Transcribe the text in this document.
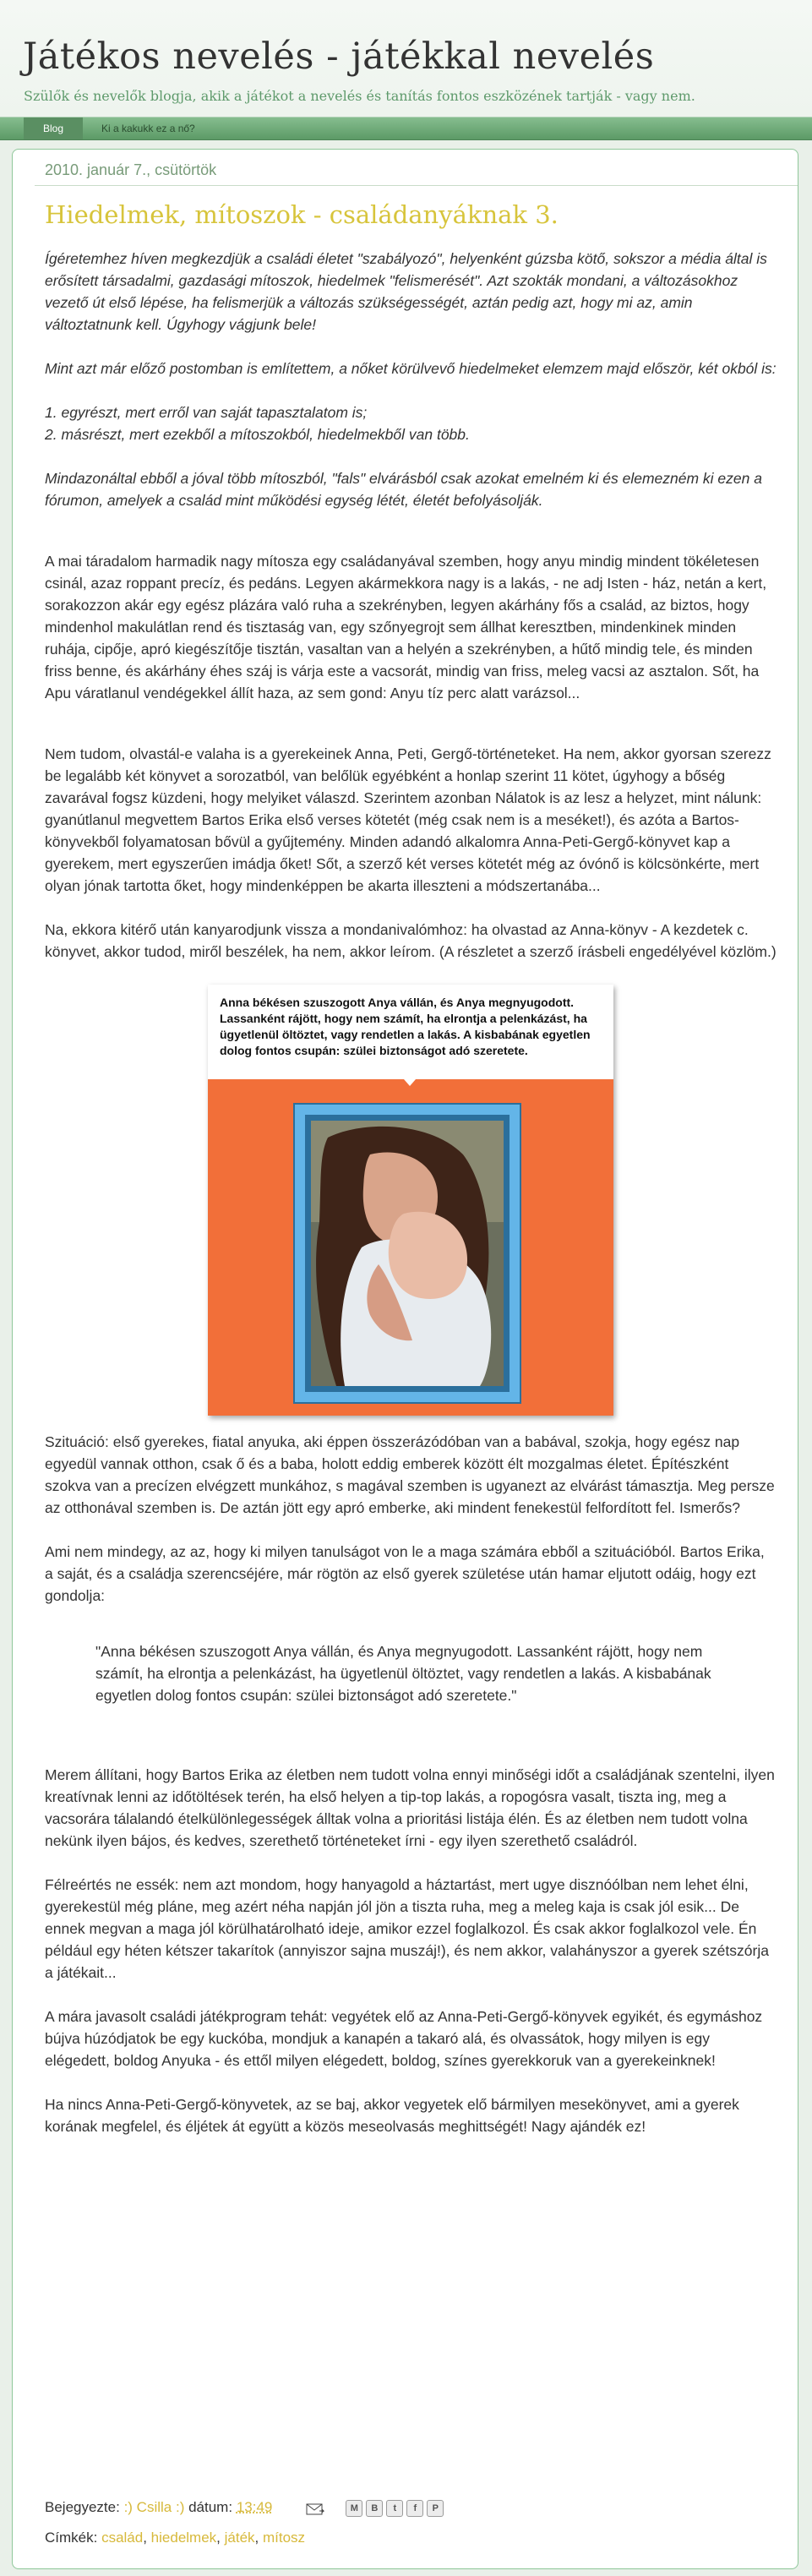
Játékos nevelés - játékkal nevelés

Szülők és nevelők blogja, akik a játékot a nevelés és tanítás fontos eszközének tartják - vagy nem.

Blog	Ki a kakukk ez a nő?
2010. január 7., csütörtök
Hiedelmek, mítoszok - családanyáknak 3.

Ígéretemhez híven megkezdjük a családi életet "szabályozó", helyenként gúzsba kötő, sokszor a média által is erősített társadalmi, gazdasági mítoszok, hiedelmek "felismerését". Azt szokták mondani, a változásokhoz vezető út első lépése, ha felismerjük a változás szükségességét, aztán pedig azt, hogy mi az, amin változtatnunk kell. Úgyhogy vágjunk bele!

Mint azt már előző postomban is említettem, a nőket körülvevő hiedelmeket elemzem majd először, két okból is:

1. egyrészt, mert erről van saját tapasztalatom is;

2. másrészt, mert ezekből a mítoszokból, hiedelmekből van több.

Mindazonáltal ebből a jóval több mítoszból, "fals" elvárásból csak azokat emelném ki és elemezném ki ezen a fórumon, amelyek a család mint működési egység létét, életét befolyásolják.

A mai táradalom harmadik nagy mítosza egy családanyával szemben, hogy anyu mindig mindent tökéletesen csinál, azaz roppant precíz, és pedáns. Legyen akármekkora nagy is a lakás, - ne adj Isten - ház, netán a kert, sorakozzon akár egy egész plázára való ruha a szekrényben, legyen akárhány fős a család, az biztos, hogy mindenhol makulátlan rend és tisztaság van, egy szőnyegrojt sem állhat keresztben, mindenkinek minden ruhája, cipője, apró kiegészítője tisztán, vasaltan van a helyén a szekrényben, a hűtő mindig tele, és minden friss benne, és akárhány éhes száj is várja este a vacsorát, mindig van friss, meleg vacsi az asztalon. Sőt, ha Apu váratlanul vendégekkel állít haza, az sem gond: Anyu tíz perc alatt varázsol...

Nem tudom, olvastál-e valaha is a gyerekeinek Anna, Peti, Gergő-történeteket. Ha nem, akkor gyorsan szerezz be legalább két könyvet a sorozatból, van belőlük egyébként a honlap szerint 11 kötet, úgyhogy a bőség zavarával fogsz küzdeni, hogy melyiket válaszd. Szerintem azonban Nálatok is az lesz a helyzet, mint nálunk: gyanútlanul megvettem Bartos Erika első verses kötetét (még csak nem is a meséket!), és azóta a Bartos-könyvekből folyamatosan bővül a gyűjtemény. Minden adandó alkalomra Anna-Peti-Gergő-könyvet kap a gyerekem, mert egyszerűen imádja őket! Sőt, a szerző két verses kötetét még az óvónő is kölcsönkérte, mert olyan jónak tartotta őket, hogy mindenképpen be akarta illeszteni a módszertanába...

Na, ekkora kitérő után kanyarodjunk vissza a mondanivalómhoz: ha olvastad az Anna-könyv - A kezdetek c. könyvet, akkor tudod, miről beszélek, ha nem, akkor leírom. (A részletet a szerző írásbeli engedélyével közlöm.)

Anna békésen szuszogott Anya vállán, és Anya megnyugodott. Lassanként rájött, hogy nem számít, ha elrontja a pelenkázást, ha ügyetlenül öltöztet, vagy rendetlen a lakás. A kisbabának egyetlen dolog fontos csupán: szülei biztonságot adó szeretete.

Szituáció: első gyerekes, fiatal anyuka, aki éppen összerázódóban van a babával, szokja, hogy egész nap egyedül vannak otthon, csak ő és a baba, holott eddig emberek között élt mozgalmas életet. Építészként szokva van a precízen elvégzett munkához, s magával szemben is ugyanezt az elvárást támasztja. Meg persze az otthonával szemben is. De aztán jött egy apró emberke, aki mindent fenekestül felfordított fel. Ismerős?

Ami nem mindegy, az az, hogy ki milyen tanulságot von le a maga számára ebből a szituációból. Bartos Erika, a saját, és a családja szerencséjére, már rögtön az első gyerek születése után hamar eljutott odáig, hogy ezt gondolja:

"Anna békésen szuszogott Anya vállán, és Anya megnyugodott. Lassanként rájött, hogy nem számít, ha elrontja a pelenkázást, ha ügyetlenül öltöztet, vagy rendetlen a lakás. A kisbabának egyetlen dolog fontos csupán: szülei biztonságot adó szeretete."

Merem állítani, hogy Bartos Erika az életben nem tudott volna ennyi minőségi időt a családjának szentelni, ilyen kreatívnak lenni az időtöltések terén, ha első helyen a tip-top lakás, a ropogósra vasalt, tiszta ing, meg a vacsorára tálalandó ételkülönlegességek álltak volna a prioritási listája élén. És az életben nem tudott volna nekünk ilyen bájos, és kedves, szerethető történeteket írni - egy ilyen szerethető családról.

Félreértés ne essék: nem azt mondom, hogy hanyagold a háztartást, mert ugye disznóólban nem lehet élni, gyerekestül még pláne, meg azért néha napján jól jön a tiszta ruha, meg a meleg kaja is csak jól esik... De ennek megvan a maga jól körülhatárolható ideje, amikor ezzel foglalkozol. És csak akkor foglalkozol vele. Én például egy héten kétszer takarítok (annyiszor sajna muszáj!), és nem akkor, valahányszor a gyerek szétszórja a játékait...

A mára javasolt családi játékprogram tehát: vegyétek elő az Anna-Peti-Gergő-könyvek egyikét, és egymáshoz bújva húzódjatok be egy kuckóba, mondjuk a kanapén a takaró alá, és olvassátok, hogy milyen is egy elégedett, boldog Anyuka - és ettől milyen elégedett, boldog, színes gyerekkoruk van a gyerekeinknek!

Ha nincs Anna-Peti-Gergő-könyvetek, az se baj, akkor vegyetek elő bármilyen mesekönyvet, ami a gyerek korának megfelel, és éljétek át együtt a közös meseolvasás meghittségét! Nagy ajándék ez!

Bejegyezte: :) Csilla :) dátum: 13:49	M B t f P
Címkék: család, hiedelmek, játék, mítosz
